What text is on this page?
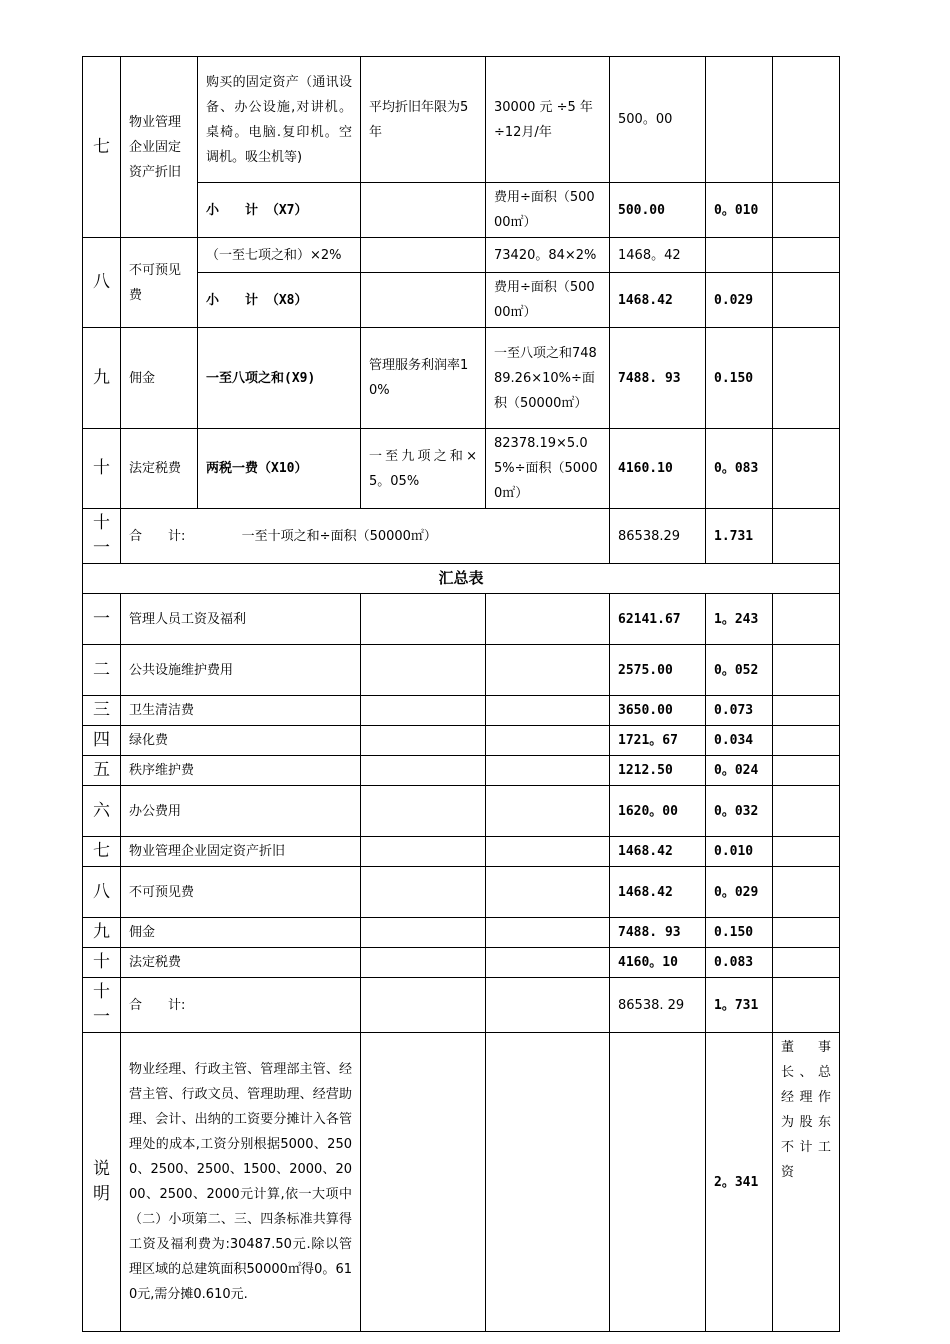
七	物业管理企业固定资产折旧	购买的固定资产（通讯设备、办公设施,对讲机。桌椅。电脑.复印机。空调机。吸尘机等)	平均折旧年限为5年	30000 元 ÷5 年÷12月/年	500。00		
		小　　计 （X7）		费用÷面积（50000㎡）	500.00	0。010	
八	不可预见费	（一至七项之和）×2%		73420。84×2%	1468。42		
		小　　计 （X8）		费用÷面积（50000㎡）	1468.42	0.029	
九	佣金	一至八项之和(X9)	管理服务利润率10%	一至八项之和74889.26×10%÷面积（50000㎡）	7488. 93	0.150	
十	法定税费	两税一费（X10）	一至九项之和×5。05%	82378.19×5.05%÷面积（50000㎡）	4160.10	0。083	
十一	合　　计: 一至十项之和÷面积（50000㎡）				86538.29	1.731	
汇总表							
一	管理人员工资及福利				62141.67	1。243	
二	公共设施维护费用				2575.00	0。052	
三	卫生清洁费				3650.00	0.073	
四	绿化费				1721。67	0.034	
五	秩序维护费				1212.50	0。024	
六	办公费用				1620。00	0。032	
七	物业管理企业固定资产折旧				1468.42	0.010	
八	不可预见费				1468.42	0。029	
九	佣金				7488. 93	0.150	
十	法定税费				4160。10	0.083	
十一	合　　计:				86538. 29	1。731	
说明	物业经理、行政主管、管理部主管、经营主管、行政文员、管理助理、经营助理、会计、出纳的工资要分摊计入各管理处的成本,工资分别根据5000、2500、2500、2500、1500、2000、2000、2500、2000元计算,依一大项中（二）小项第二、三、四条标准共算得工资及福利费为:30487.50元.除以管理区域的总建筑面积50000㎡得0。610元,需分摊0.610元.					2。341	董事长、总经理作为股东不计工资
